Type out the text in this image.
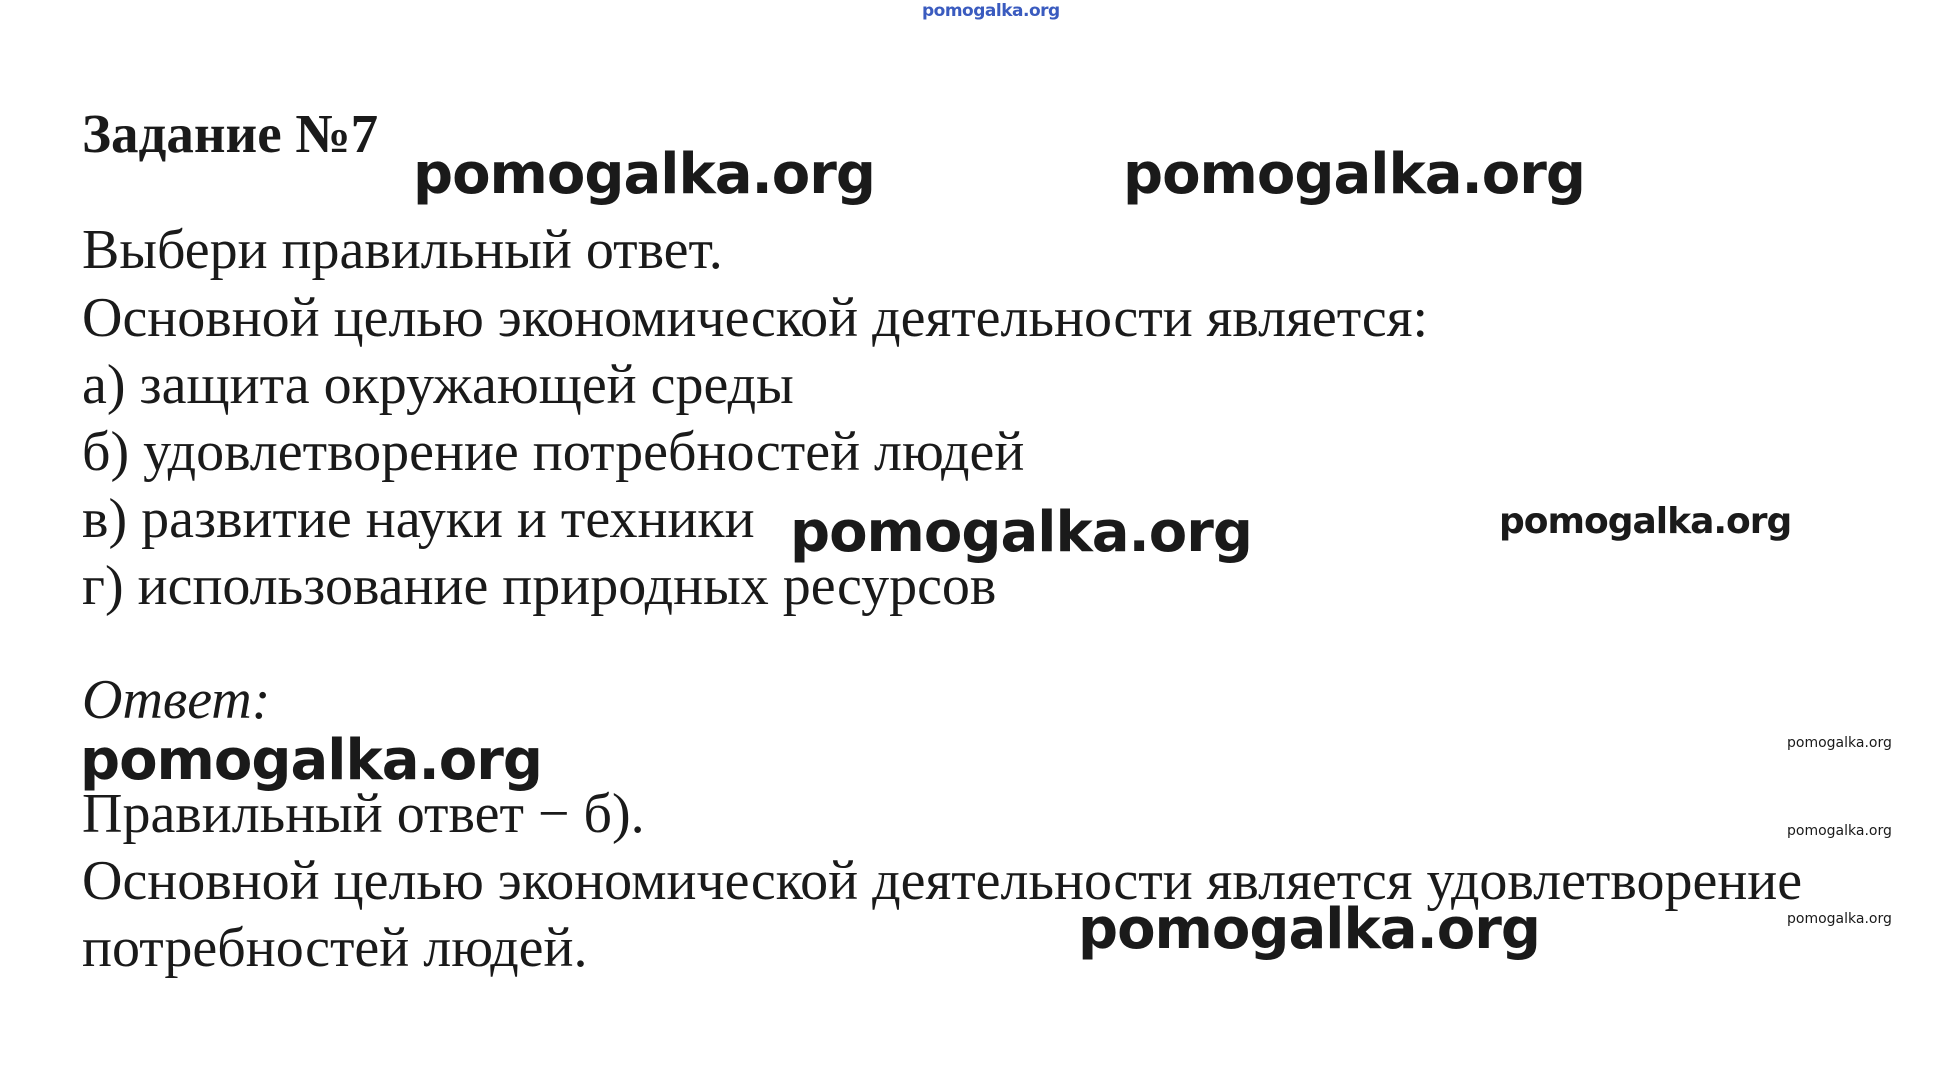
pomogalka.org
Задание №7
Выбери правильный ответ.
Основной целью экономической деятельности является:
а) защита окружающей среды
б) удовлетворение потребностей людей
в) развитие науки и техники
г) использование природных ресурсов
Ответ:
Правильный ответ − б).
Основной целью экономической деятельности является удовлетворение
потребностей людей.
pomogalka.org	pomogalka.org
pomogalka.org	pomogalka.org
pomogalka.org	pomogalka.org
pomogalka.org
pomogalka.org
pomogalka.org
